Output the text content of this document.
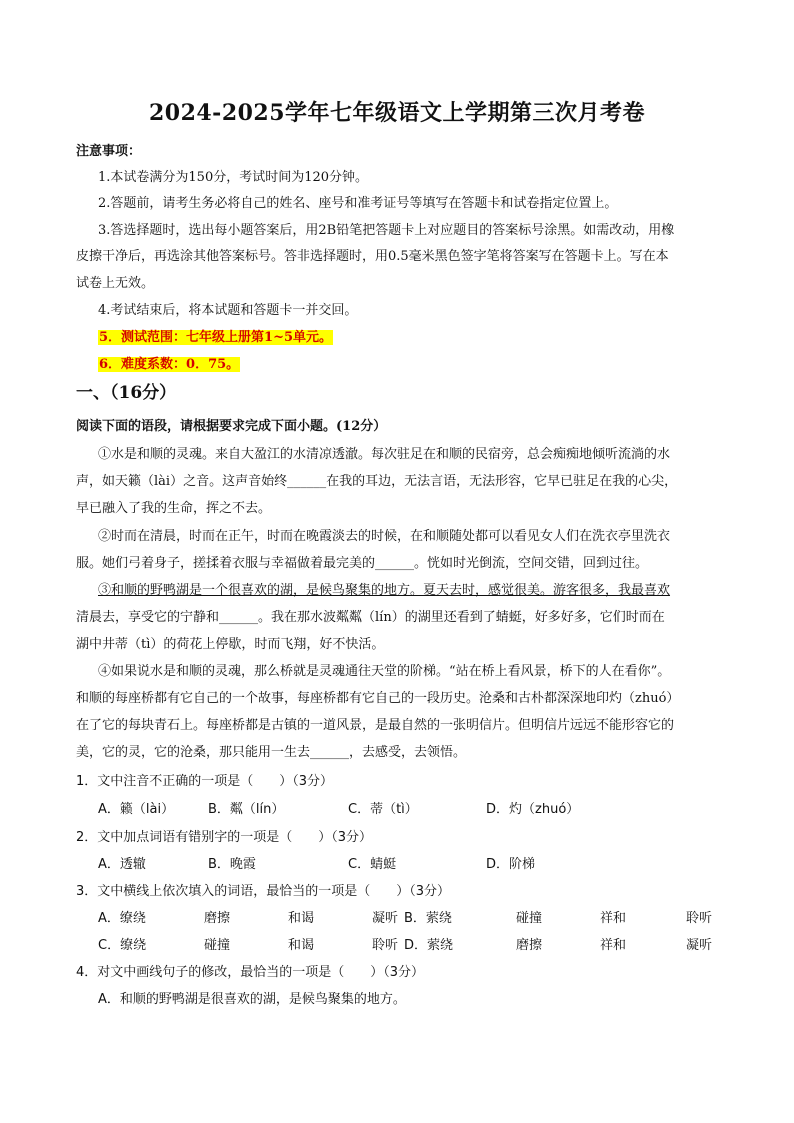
2024-2025学年七年级语文上学期第三次月考卷
注意事项：
1.本试卷满分为150分，考试时间为120分钟。
2.答题前，请考生务必将自己的姓名、座号和准考证号等填写在答题卡和试卷指定位置上。
3.答选择题时，选出每小题答案后，用2B铅笔把答题卡上对应题目的答案标号涂黑。如需改动，用橡
皮擦干净后，再选涂其他答案标号。答非选择题时，用0.5毫米黑色签字笔将答案写在答题卡上。写在本
试卷上无效。
4.考试结束后，将本试题和答题卡一并交回。
5．测试范围：七年级上册第1~5单元。
6．难度系数：0．75。
一、（16分）
阅读下面的语段，请根据要求完成下面小题。(12分）
①水是和顺的灵魂。来自大盈江的水清凉透澈。每次驻足在和顺的民宿旁，总会痴痴地倾听流淌的水
声，如天籁（lài）之音。这声音始终______在我的耳边，无法言语，无法形容，它早已驻足在我的心尖，
早已融入了我的生命，挥之不去。
②时而在清晨，时而在正午，时而在晚霞淡去的时候，在和顺随处都可以看见女人们在洗衣亭里洗衣
服。她们弓着身子，搓揉着衣服与幸福做着最完美的______。恍如时光倒流，空间交错，回到过往。
③和顺的野鸭湖是一个很喜欢的湖，是候鸟聚集的地方。夏天去时，感觉很美。游客很多，我最喜欢
清晨去，享受它的宁静和______。我在那水波粼粼（lín）的湖里还看到了蜻蜓，好多好多，它们时而在
湖中井蒂（tì）的荷花上停歇，时而飞翔，好不快活。
④如果说水是和顺的灵魂，那么桥就是灵魂通往天堂的阶梯。“站在桥上看风景，桥下的人在看你”。
和顺的每座桥都有它自己的一个故事，每座桥都有它自己的一段历史。沧桑和古朴都深深地印灼（zhuó）
在了它的每块青石上。每座桥都是古镇的一道风景，是最自然的一张明信片。但明信片远远不能形容它的
美，它的灵，它的沧桑，那只能用一生去______，去感受，去领悟。
1．文中注音不正确的一项是（　　）（3分）
A．籁（lài）	B．粼（lín）	C．蒂（tì）	D．灼（zhuó）
2．文中加点词语有错别字的一项是（　　）（3分）
A．透辙	B．晚霞	C．蜻蜓	D．阶梯
3．文中横线上依次填入的词语，最恰当的一项是（　　）（3分）
A．缭绕	磨擦	和谒	凝听 B．萦绕	碰撞	祥和	聆听
C．缭绕	碰撞	和谒	聆听 D．萦绕	磨擦	祥和	凝听
4．对文中画线句子的修改，最恰当的一项是（　　）（3分）
A．和顺的野鸭湖是很喜欢的湖，是候鸟聚集的地方。
